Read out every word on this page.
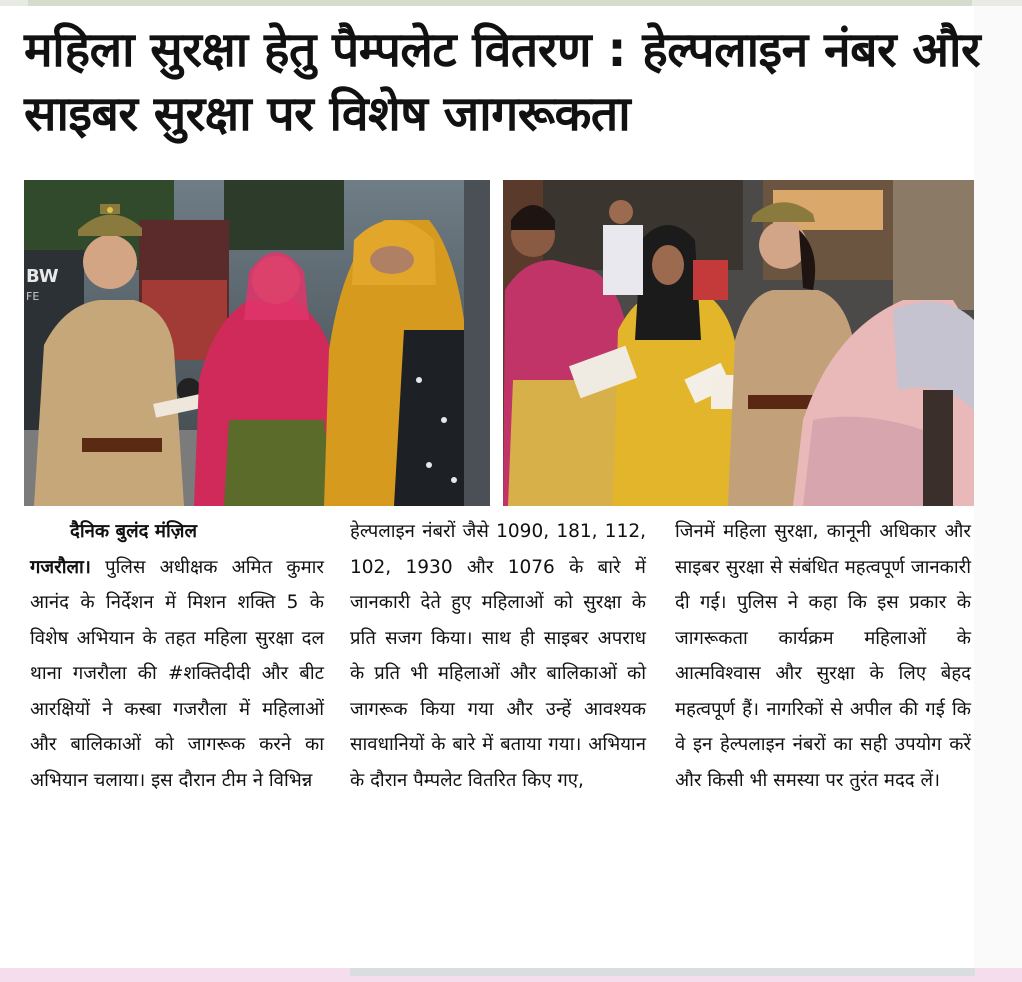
महिला सुरक्षा हेतु पैम्पलेट वितरण : हेल्पलाइन नंबर और साइबर सुरक्षा पर विशेष जागरूकता
BW
FE
दैनिक बुलंद मंज़िल
गजरौला। पुलिस अधीक्षक अमित कुमार आनंद के निर्देशन में मिशन शक्ति 5 के विशेष अभियान के तहत महिला सुरक्षा दल थाना गजरौला की #शक्तिदीदी और बीट आरक्षियों ने कस्बा गजरौला में महिलाओं और बालिकाओं को जागरूक करने का अभियान चलाया। इस दौरान टीम ने विभिन्न
हेल्पलाइन नंबरों जैसे 1090, 181, 112, 102, 1930 और 1076 के बारे में जानकारी देते हुए महिलाओं को सुरक्षा के प्रति सजग किया। साथ ही साइबर अपराध के प्रति भी महिलाओं और बालिकाओं को जागरूक किया गया और उन्हें आवश्यक सावधानियों के बारे में बताया गया। अभियान के दौरान पैम्पलेट वितरित किए गए,
जिनमें महिला सुरक्षा, कानूनी अधिकार और साइबर सुरक्षा से संबंधित महत्वपूर्ण जानकारी दी गई। पुलिस ने कहा कि इस प्रकार के जागरूकता कार्यक्रम महिलाओं के आत्मविश्वास और सुरक्षा के लिए बेहद महत्वपूर्ण हैं। नागरिकों से अपील की गई कि वे इन हेल्पलाइन नंबरों का सही उपयोग करें और किसी भी समस्या पर तुरंत मदद लें।
